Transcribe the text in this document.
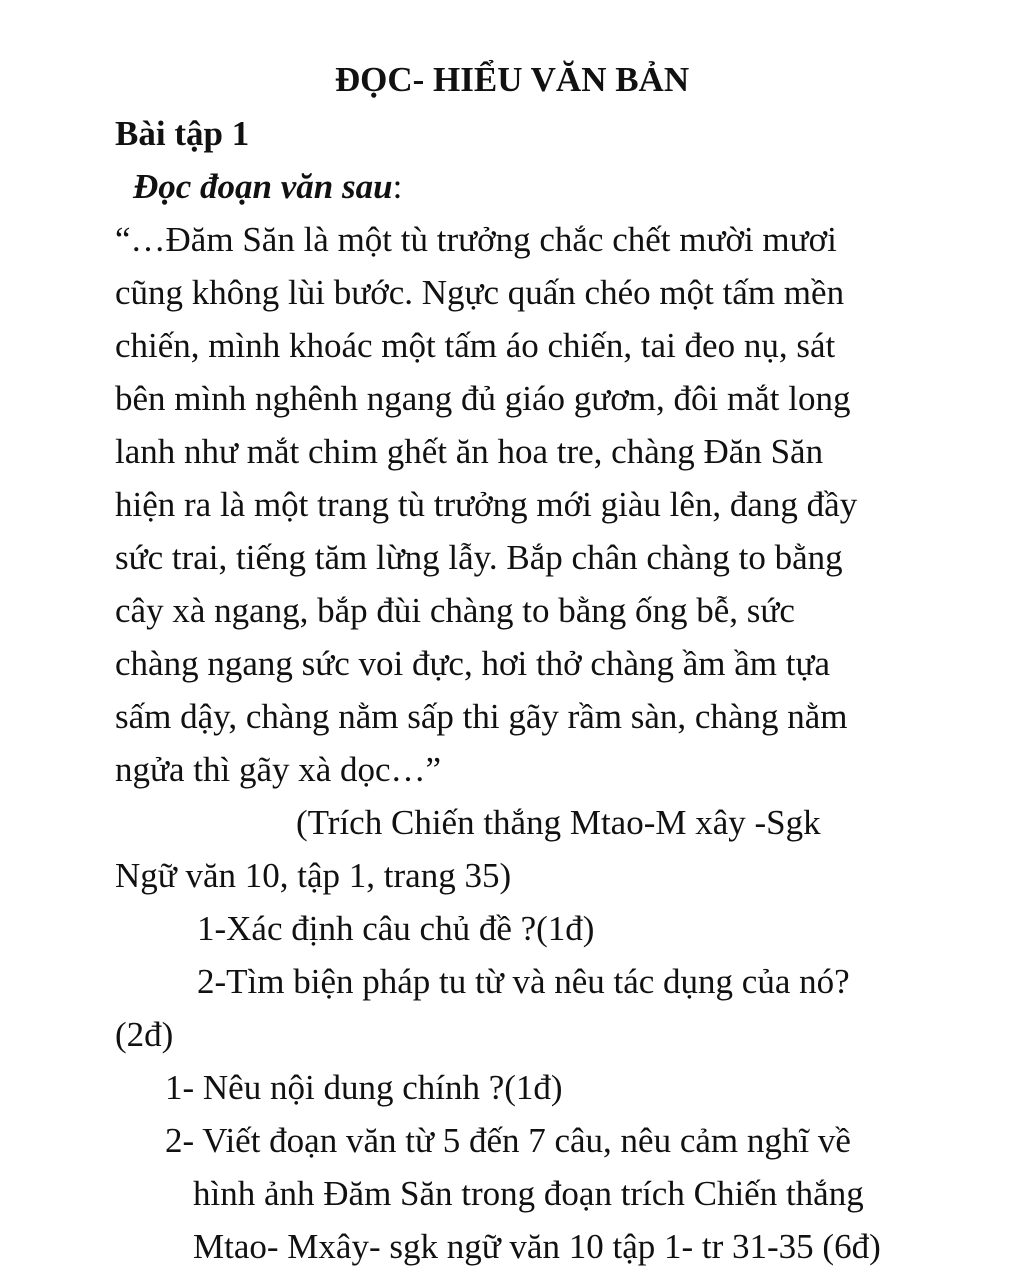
ĐỌC- HIỂU VĂN BẢN
Bài tập 1
Đọc đoạn văn sau:
“…Đăm Săn là một tù trưởng chắc chết mười mươi
cũng không lùi bước. Ngực quấn chéo một tấm mền
chiến, mình khoác một tấm áo chiến, tai đeo nụ, sát
bên mình nghênh ngang đủ giáo gươm, đôi mắt long
lanh như mắt chim ghết ăn hoa tre, chàng Đăn Săn
hiện ra là một trang tù trưởng mới giàu lên, đang đầy
sức trai, tiếng tăm lừng lẫy. Bắp chân chàng to bằng
cây xà ngang, bắp đùi chàng to bằng ống bễ, sức
chàng ngang sức voi đực, hơi thở chàng ầm ầm tựa
sấm dậy, chàng nằm sấp thi gãy rầm sàn, chàng nằm
ngửa thì gãy xà dọc…”
(Trích Chiến thắng Mtao-M xây -Sgk
Ngữ văn 10, tập 1, trang 35)
1-Xác định câu chủ đề ?(1đ)
2-Tìm biện pháp tu từ và nêu tác dụng của nó?
(2đ)
1- Nêu nội dung chính ?(1đ)
2- Viết đoạn văn từ 5 đến 7 câu, nêu cảm nghĩ về
hình ảnh Đăm Săn trong đoạn trích Chiến thắng
Mtao- Mxây- sgk ngữ văn 10 tập 1- tr 31-35 (6đ)
